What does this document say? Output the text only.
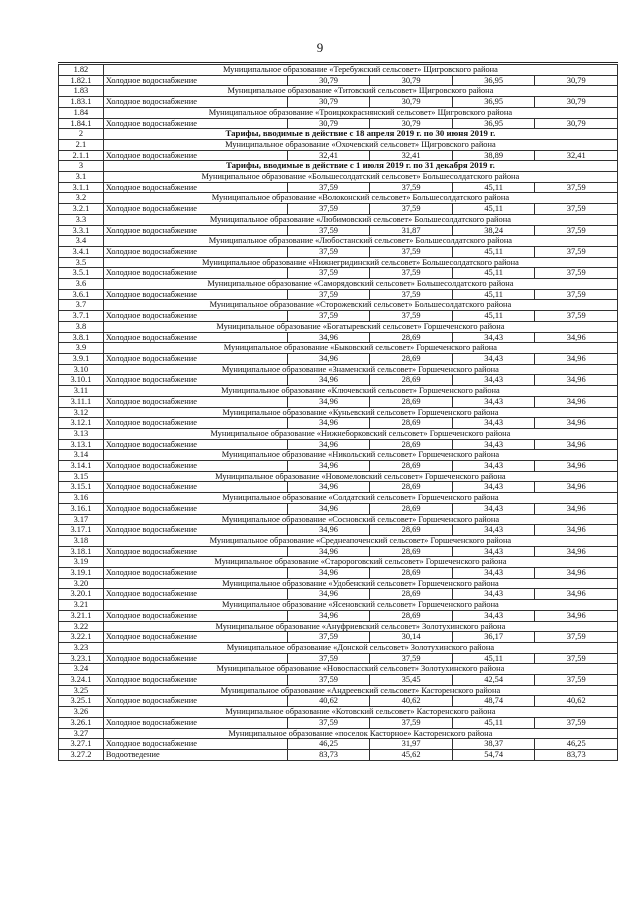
9
1.82	Муниципальное образование «Теребужский сельсовет» Щигровского района				
1.82.1	Холодное водоснабжение	30,79	30,79	36,95	30,79
1.83	Муниципальное образование «Титовский сельсовет» Щигровского района				
1.83.1	Холодное водоснабжение	30,79	30,79	36,95	30,79
1.84	Муниципальное образование «Троицкокраснянский сельсовет» Щигровского района				
1.84.1	Холодное водоснабжение	30,79	30,79	36,95	30,79
2	Тарифы, вводимые в действие с 18 апреля 2019 г. по 30 июня 2019 г.				
2.1	Муниципальное образование «Охочевский сельсовет» Щигровского района				
2.1.1	Холодное водоснабжение	32,41	32,41	38,89	32,41
3	Тарифы, вводимые в действие с 1 июля 2019 г. по 31 декабря 2019 г.				
3.1	Муниципальное образование «Большесолдатский сельсовет» Большесолдатского района				
3.1.1	Холодное водоснабжение	37,59	37,59	45,11	37,59
3.2	Муниципальное образование «Волоконский сельсовет» Большесолдатского района				
3.2.1	Холодное водоснабжение	37,59	37,59	45,11	37,59
3.3	Муниципальное образование «Любимовский сельсовет» Большесолдатского района				
3.3.1	Холодное водоснабжение	37,59	31,87	38,24	37,59
3.4	Муниципальное образование «Любостанский сельсовет» Большесолдатского района				
3.4.1	Холодное водоснабжение	37,59	37,59	45,11	37,59
3.5	Муниципальное образование «Нижнегридинский сельсовет» Большесолдатского района				
3.5.1	Холодное водоснабжение	37,59	37,59	45,11	37,59
3.6	Муниципальное образование «Саморядовский сельсовет» Большесолдатского района				
3.6.1	Холодное водоснабжение	37,59	37,59	45,11	37,59
3.7	Муниципальное образование «Сторожевский сельсовет» Большесолдатского района				
3.7.1	Холодное водоснабжение	37,59	37,59	45,11	37,59
3.8	Муниципальное образование «Богатыревский сельсовет» Горшеченского района				
3.8.1	Холодное водоснабжение	34,96	28,69	34,43	34,96
3.9	Муниципальное образование «Быковский сельсовет» Горшеченского района				
3.9.1	Холодное водоснабжение	34,96	28,69	34,43	34,96
3.10	Муниципальное образование «Знаменский сельсовет» Горшеченского района				
3.10.1	Холодное водоснабжение	34,96	28,69	34,43	34,96
3.11	Муниципальное образование «Ключевский сельсовет» Горшеченского района				
3.11.1	Холодное водоснабжение	34,96	28,69	34,43	34,96
3.12	Муниципальное образование «Куньевский сельсовет» Горшеченского района				
3.12.1	Холодное водоснабжение	34,96	28,69	34,43	34,96
3.13	Муниципальное образование «Нижнеборковский сельсовет» Горшеченского района				
3.13.1	Холодное водоснабжение	34,96	28,69	34,43	34,96
3.14	Муниципальное образование «Никольский сельсовет» Горшеченского района				
3.14.1	Холодное водоснабжение	34,96	28,69	34,43	34,96
3.15	Муниципальное образование «Новомеловский сельсовет» Горшеченского района				
3.15.1	Холодное водоснабжение	34,96	28,69	34,43	34,96
3.16	Муниципальное образование «Солдатский сельсовет» Горшеченского района				
3.16.1	Холодное водоснабжение	34,96	28,69	34,43	34,96
3.17	Муниципальное образование «Сосновский сельсовет» Горшеченского района				
3.17.1	Холодное водоснабжение	34,96	28,69	34,43	34,96
3.18	Муниципальное образование «Среднеапоченский сельсовет» Горшеченского района				
3.18.1	Холодное водоснабжение	34,96	28,69	34,43	34,96
3.19	Муниципальное образование «Старороговский сельсовет» Горшеченского района				
3.19.1	Холодное водоснабжение	34,96	28,69	34,43	34,96
3.20	Муниципальное образование «Удобенский сельсовет» Горшеченского района				
3.20.1	Холодное водоснабжение	34,96	28,69	34,43	34,96
3.21	Муниципальное образование «Ясеновский сельсовет» Горшеченского района				
3.21.1	Холодное водоснабжение	34,96	28,69	34,43	34,96
3.22	Муниципальное образование «Ануфриевский сельсовет» Золотухинского района				
3.22.1	Холодное водоснабжение	37,59	30,14	36,17	37,59
3.23	Муниципальное образование «Донской сельсовет» Золотухинского района				
3.23.1	Холодное водоснабжение	37,59	37,59	45,11	37,59
3.24	Муниципальное образование «Новоспасский сельсовет» Золотухинского района				
3.24.1	Холодное водоснабжение	37,59	35,45	42,54	37,59
3.25	Муниципальное образование «Андреевский сельсовет» Касторенского района				
3.25.1	Холодное водоснабжение	40,62	40,62	48,74	40,62
3.26	Муниципальное образование «Котовский сельсовет» Касторенского района				
3.26.1	Холодное водоснабжение	37,59	37,59	45,11	37,59
3.27	Муниципальное образование «поселок Касторное» Касторенского района				
3.27.1	Холодное водоснабжение	46,25	31,97	38,37	46,25
3.27.2	Водоотведение	83,73	45,62	54,74	83,73
